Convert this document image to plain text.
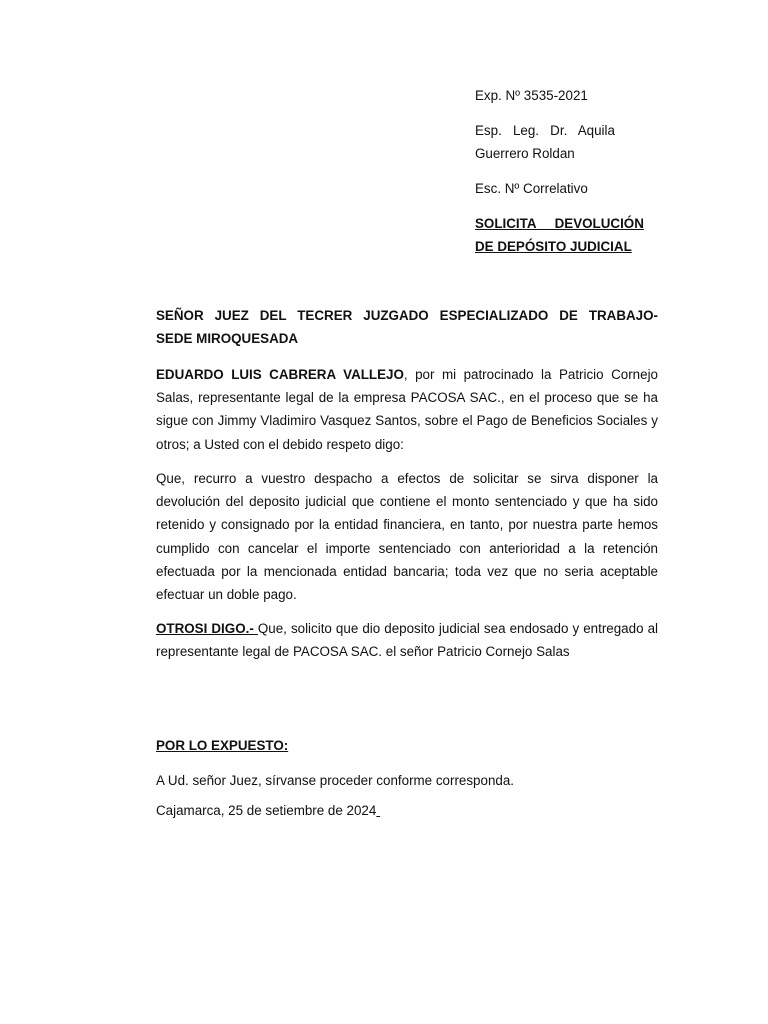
Exp. Nº 3535-2021
Esp.   Leg.   Dr.   Aquila
Guerrero Roldan
Esc. Nº Correlativo
SOLICITA     DEVOLUCIÓN
DE DEPÓSITO JUDICIAL
SEÑOR JUEZ DEL TECRER JUZGADO ESPECIALIZADO DE TRABAJO-
SEDE MIROQUESADA

EDUARDO LUIS CABRERA VALLEJO, por mi patrocinado la Patricio Cornejo Salas, representante legal de la empresa PACOSA SAC., en el proceso que se ha sigue con Jimmy Vladimiro Vasquez Santos, sobre el Pago de Beneficios Sociales y otros; a Usted con el debido respeto digo:

Que, recurro a vuestro despacho a efectos de solicitar se sirva disponer la devolución del deposito judicial que contiene el monto sentenciado y que ha sido retenido y consignado por la entidad financiera, en tanto, por nuestra parte hemos cumplido con cancelar el importe sentenciado con anterioridad a la retención efectuada por la mencionada entidad bancaria; toda vez que no seria aceptable efectuar un doble pago.

OTROSI DIGO.- Que, solicito que dio deposito judicial sea endosado y entregado al representante legal de PACOSA SAC. el señor Patricio Cornejo Salas

POR LO EXPUESTO:
A Ud. señor Juez, sírvanse proceder conforme corresponda.
Cajamarca, 25 de setiembre de 2024
